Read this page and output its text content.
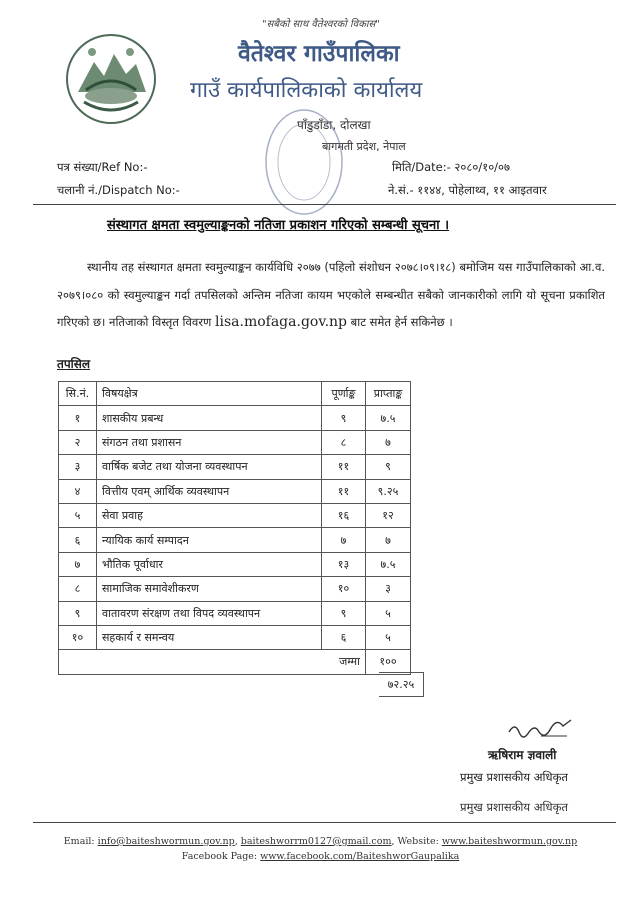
"सबैको साथ वैतेश्वरको विकास"
वैतेश्वर गाउँपालिका
गाउँ कार्यपालिकाको कार्यालय
पाँडुडाँडा, दोलखा
बागमती प्रदेश, नेपाल
पत्र संख्या/Ref No:-
चलानी नं./Dispatch No:-
मिति/Date:- २०८०/१०/०७
ने.सं.- ११४४, पोहेलाथ्व, ११ आइतवार
संस्थागत क्षमता स्वमुल्याङ्कनको नतिजा प्रकाशन गरिएको सम्बन्धी सूचना ।
स्थानीय तह संस्थागत क्षमता स्वमुल्याङ्कन कार्यविधि २०७७ (पहिलो संशोधन २०७८।०९।१८) बमोजिम यस गाउँपालिकाको आ.व. २०७९।०८० को स्वमुल्याङ्कन गर्दा तपसिलको अन्तिम नतिजा कायम भएकोले सम्बन्धीत सबैको जानकारीको लागि यो सूचना प्रकाशित गरिएको छ। नतिजाको विस्तृत विवरण lisa.mofaga.gov.np बाट समेत हेर्न सकिनेछ ।
तपसिल
सि.नं.	विषयक्षेत्र	पूर्णाङ्क	प्राप्ताङ्क
१	शासकीय प्रबन्ध	९	७.५
२	संगठन तथा प्रशासन	८	७
३	वार्षिक बजेट तथा योजना व्यवस्थापन	११	९
४	वित्तीय एवम् आर्थिक व्यवस्थापन	११	९.२५
५	सेवा प्रवाह	१६	१२
६	न्यायिक कार्य सम्पादन	७	७
७	भौतिक पूर्वाधार	१३	७.५
८	सामाजिक समावेशीकरण	१०	३
९	वातावरण संरक्षण तथा विपद व्यवस्थापन	९	५
१०	सहकार्य र समन्वय	६	५
		जम्मा	१००
७२.२५
ऋषिराम ज्ञवाली
प्रमुख प्रशासकीय अधिकृत
प्रमुख प्रशासकीय अधिकृत
Email: info@baiteshwormun.gov.np, baiteshworrm0127@gmail.com, Website: www.baiteshwormun.gov.np
Facebook Page: www.facebook.com/BaiteshworGaupalika
